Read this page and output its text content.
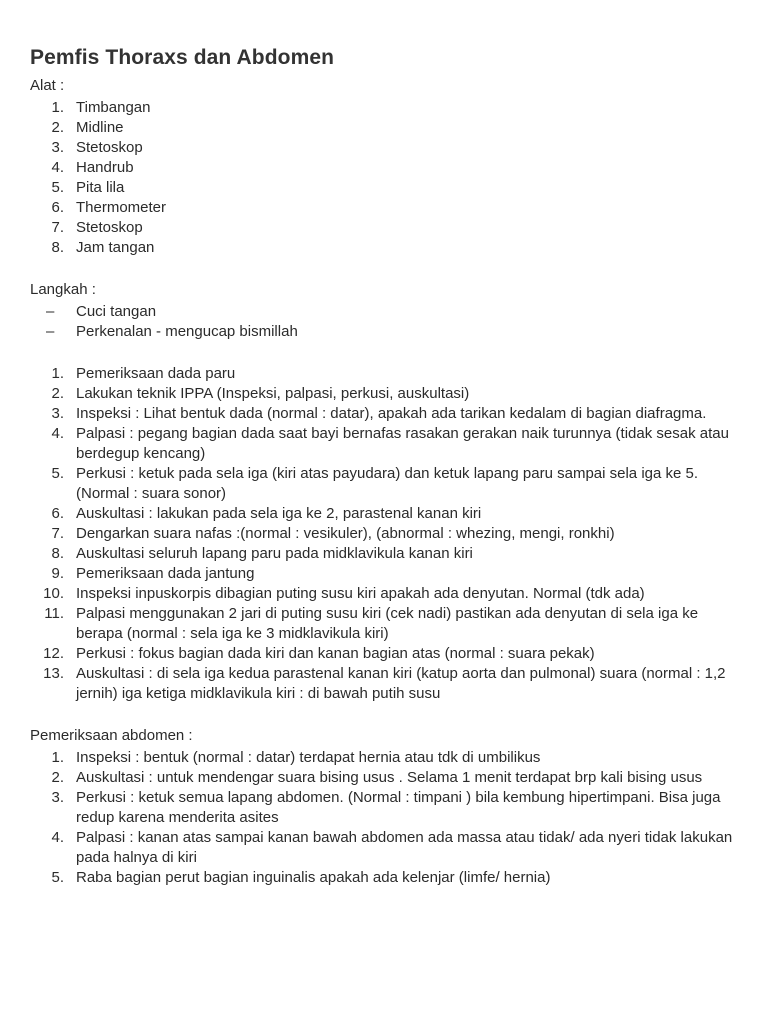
Pemfis Thoraxs dan Abdomen

Alat :

1. Timbangan
2. Midline
3. Stetoskop
4. Handrub
5. Pita lila
6. Thermometer
7. Stetoskop
8. Jam tangan

Langkah :

–	Cuci tangan
–	Perkenalan - mengucap bismillah
1. Pemeriksaan dada paru
2. Lakukan teknik IPPA (Inspeksi, palpasi, perkusi, auskultasi)
3. Inspeksi : Lihat bentuk dada (normal : datar), apakah ada tarikan kedalam di bagian diafragma.
4. Palpasi : pegang bagian dada saat bayi bernafas rasakan gerakan naik turunnya (tidak sesak atau berdegup kencang)
5. Perkusi : ketuk pada sela iga (kiri atas payudara) dan ketuk lapang paru sampai sela iga ke 5. (Normal : suara sonor)
6. Auskultasi : lakukan pada sela iga ke 2, parastenal kanan kiri
7. Dengarkan suara nafas :(normal : vesikuler), (abnormal : whezing, mengi, ronkhi)
8. Auskultasi seluruh lapang paru pada midklavikula kanan kiri
9. Pemeriksaan dada jantung
10. Inspeksi inpuskorpis dibagian puting susu kiri apakah ada denyutan. Normal (tdk ada)
11. Palpasi menggunakan 2 jari di puting susu kiri (cek nadi) pastikan ada denyutan di sela iga ke berapa (normal : sela iga ke 3 midklavikula kiri)
12. Perkusi : fokus bagian dada kiri dan kanan bagian atas (normal : suara pekak)
13. Auskultasi : di sela iga kedua parastenal kanan kiri (katup aorta dan pulmonal) suara (normal : 1,2 jernih) iga ketiga midklavikula kiri : di bawah putih susu

Pemeriksaan abdomen :

1. Inspeksi : bentuk (normal : datar) terdapat hernia atau tdk di umbilikus
2. Auskultasi : untuk mendengar suara bising usus . Selama 1 menit terdapat brp kali bising usus
3. Perkusi : ketuk semua lapang abdomen. (Normal : timpani ) bila kembung hipertimpani. Bisa juga redup karena menderita asites
4. Palpasi : kanan atas sampai kanan bawah abdomen ada massa atau tidak/ ada nyeri tidak lakukan pada halnya di kiri
5. Raba bagian perut bagian inguinalis apakah ada kelenjar (limfe/ hernia)
